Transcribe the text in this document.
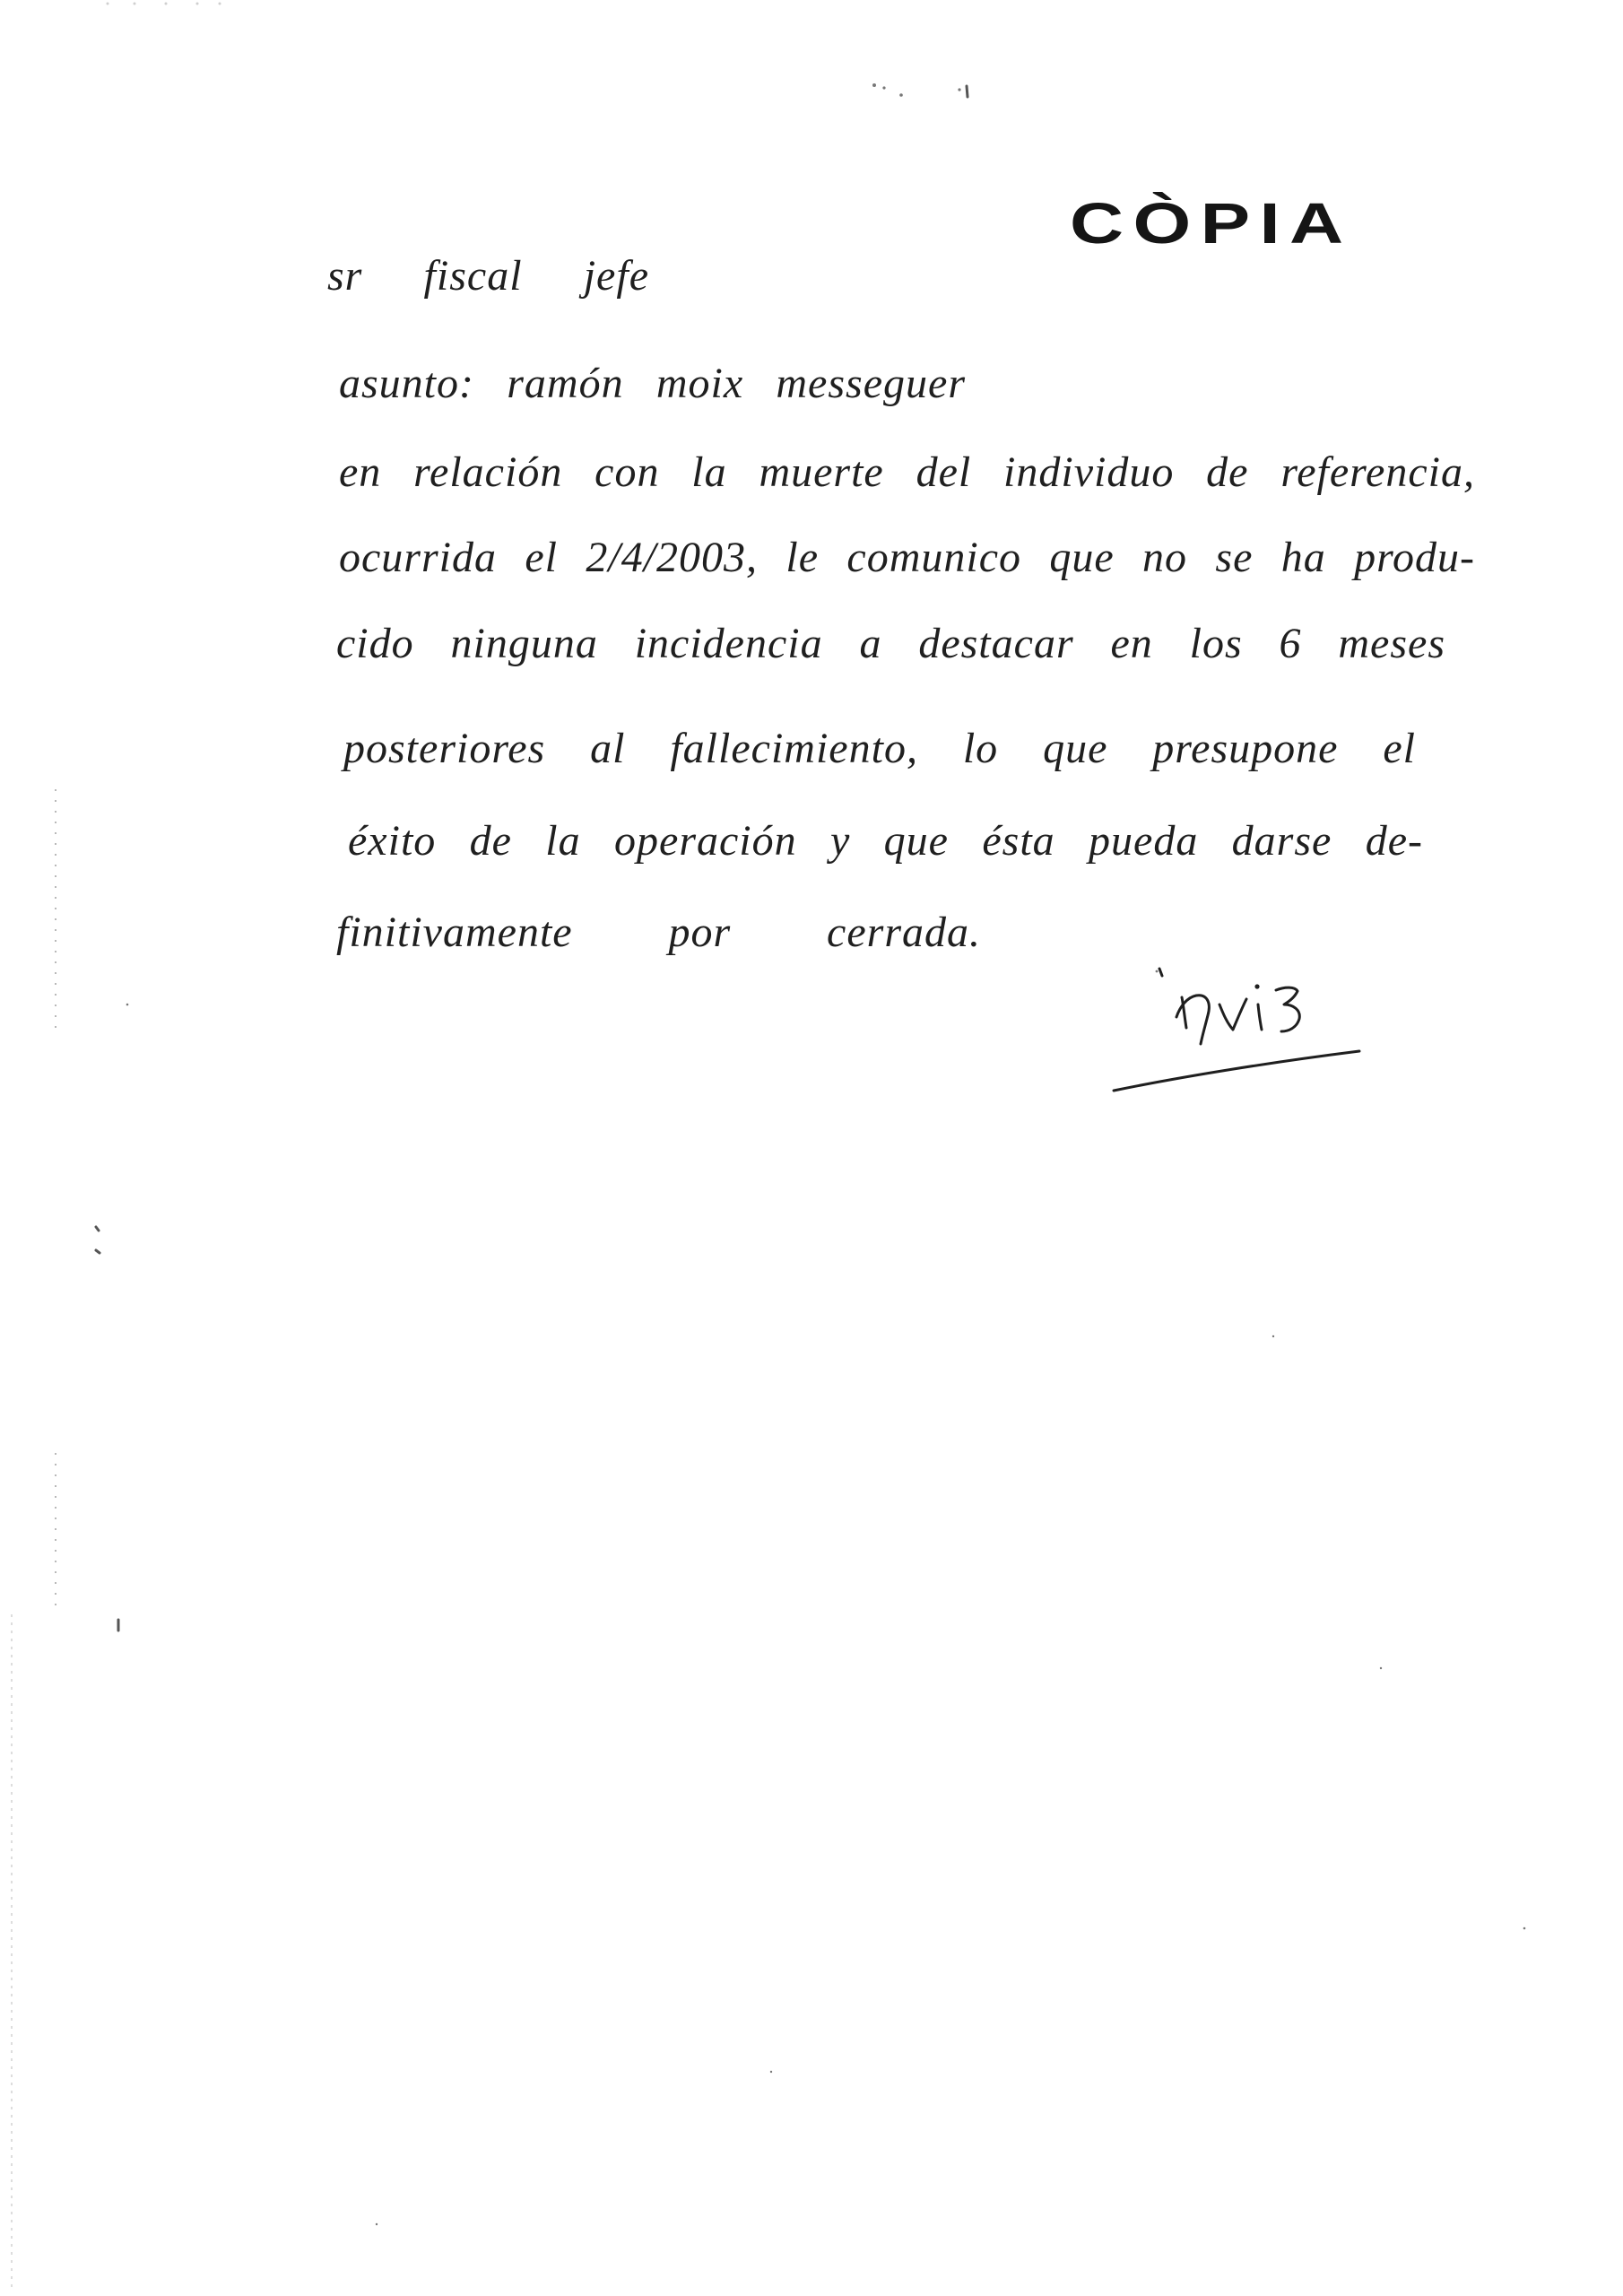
CÒPIA
sr fiscal jefe
asunto: ramón moix messeguer
en relación con la muerte del individuo de referencia,
ocurrida el 2/4/2003, le comunico que no se ha produ-
cido ninguna incidencia a destacar en los 6 meses
posteriores al fallecimiento, lo que presupone el
éxito de la operación y que ésta pueda darse de-
finitivamente por cerrada.
